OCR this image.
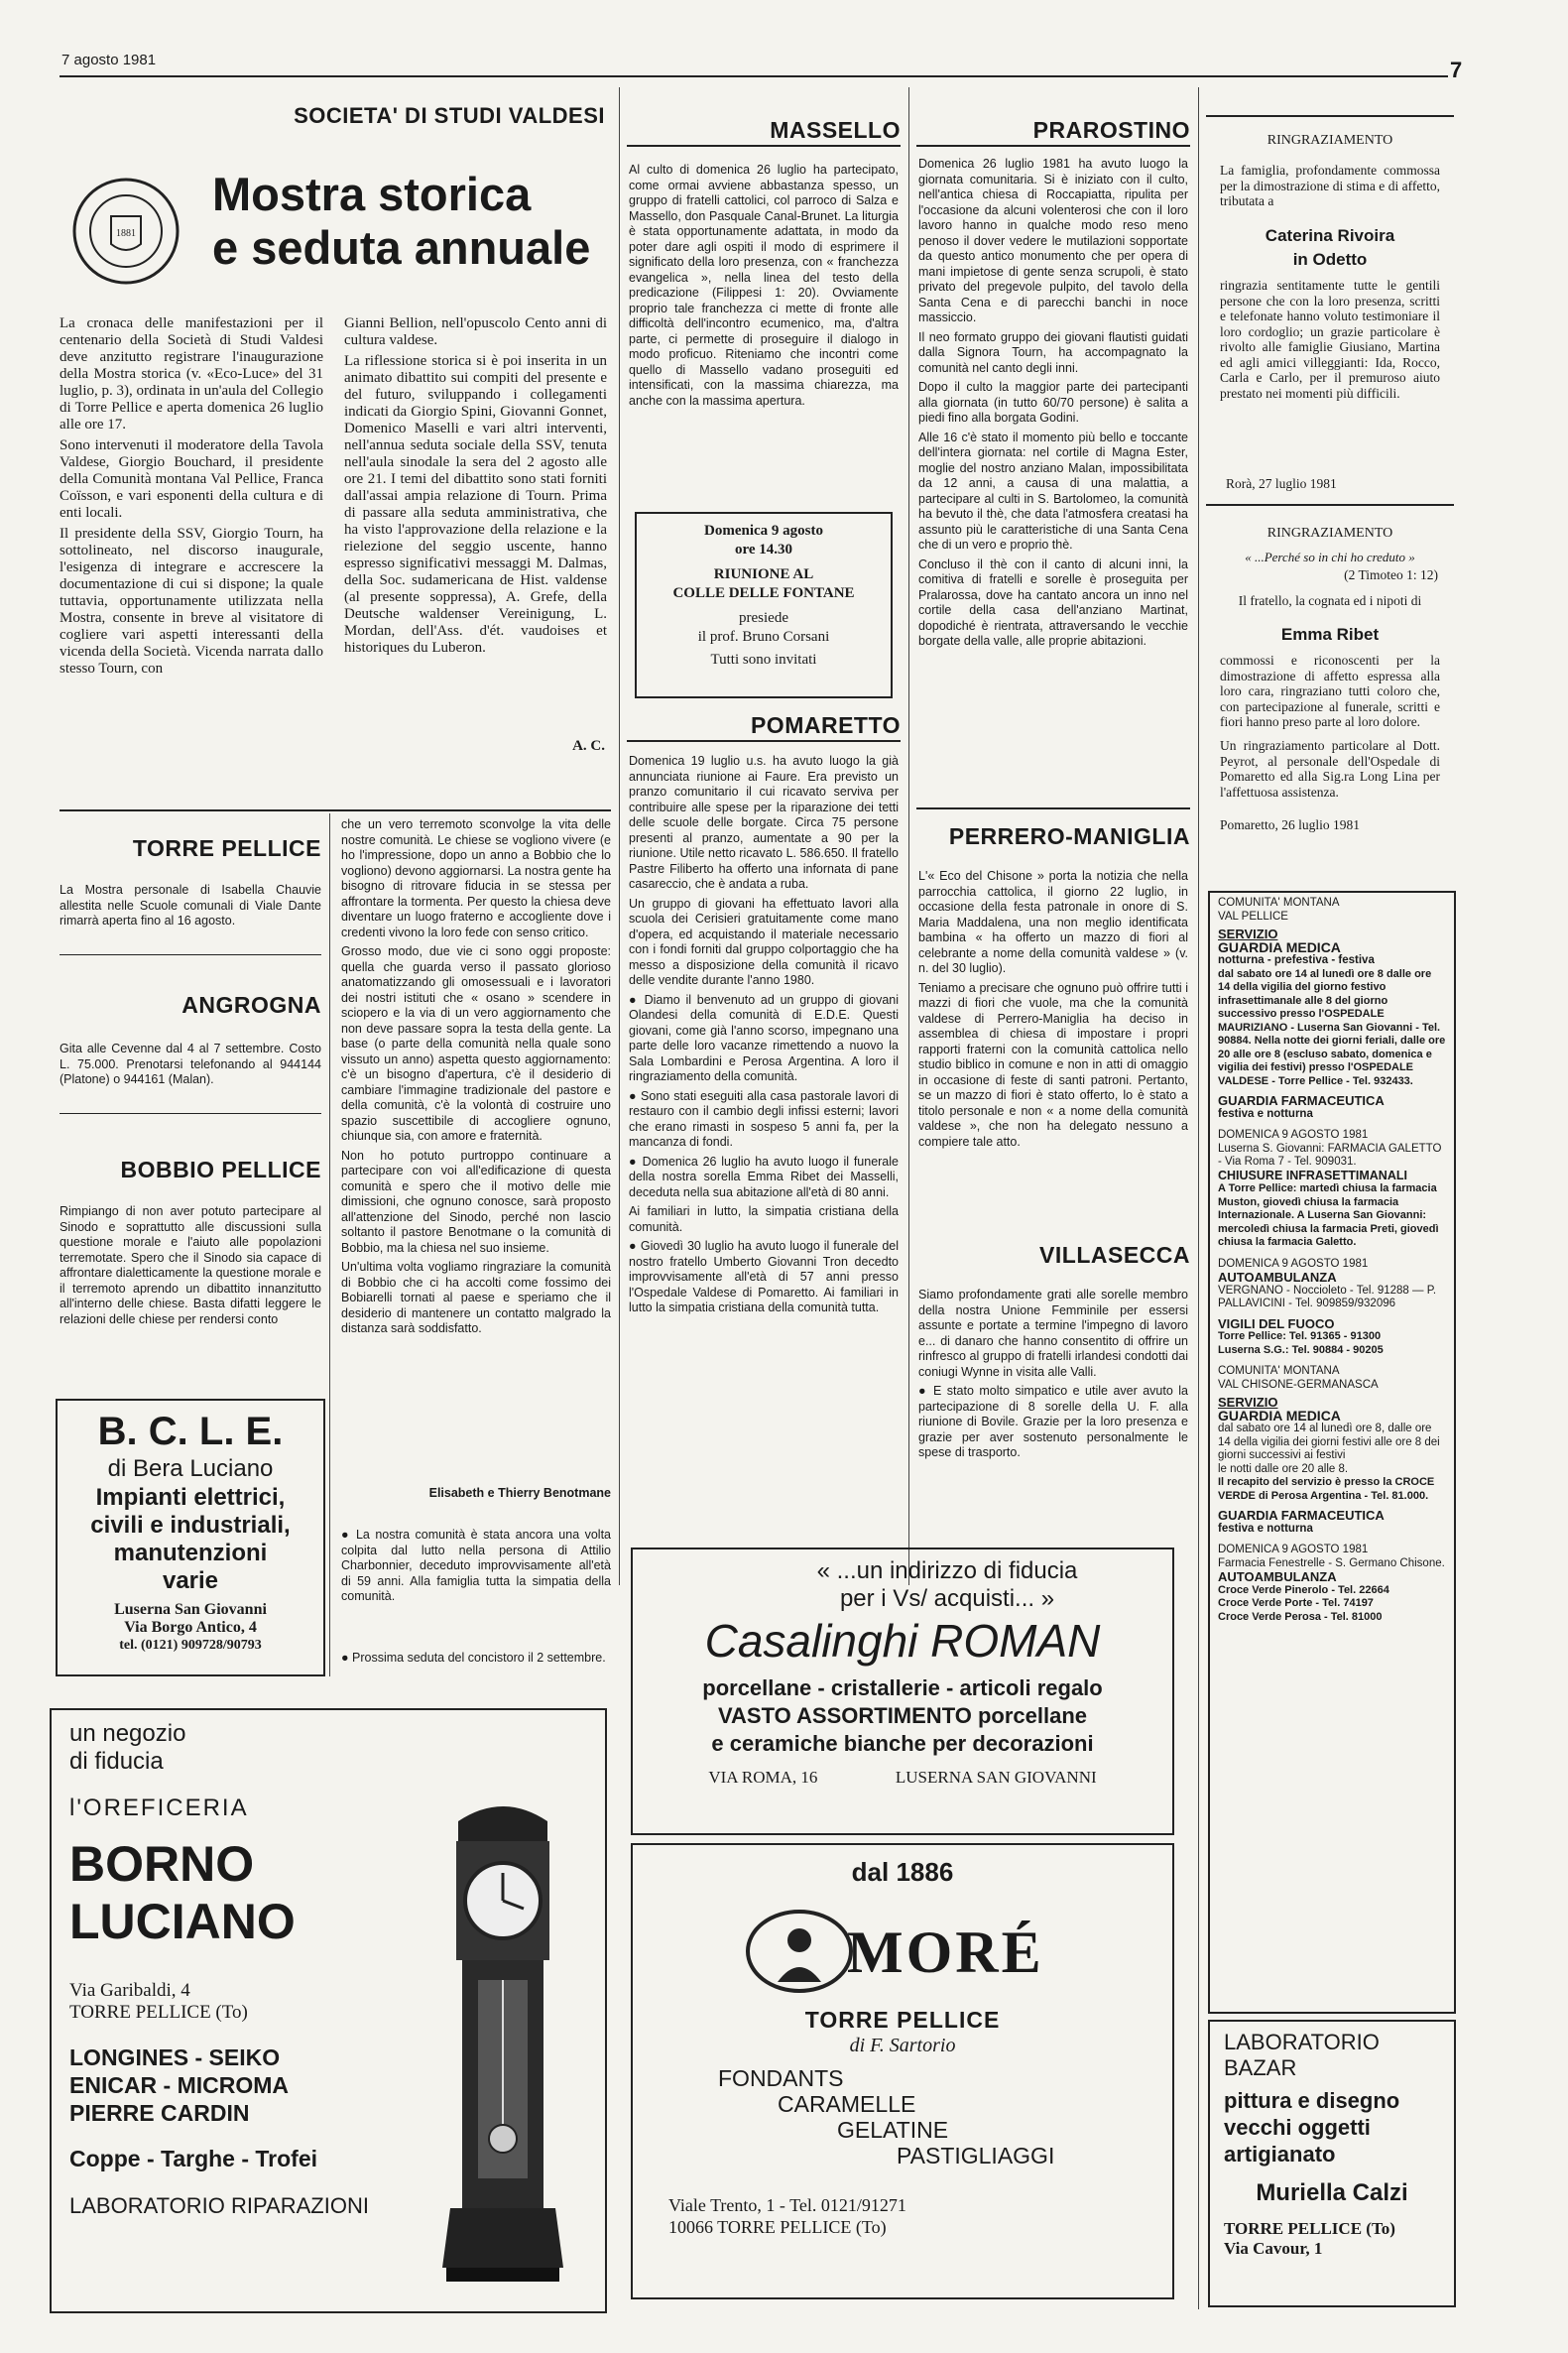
7 agosto 1981	7
SOCIETA' DI STUDI VALDESI
1881
Mostra storica
e seduta annuale

La cronaca delle manifestazioni per il centenario della Società di Studi Valdesi deve anzitutto registrare l'inaugurazione della Mostra storica (v. «Eco-Luce» del 31 luglio, p. 3), ordinata in un'aula del Collegio di Torre Pellice e aperta domenica 26 luglio alle ore 17.

Sono intervenuti il moderatore della Tavola Valdese, Giorgio Bouchard, il presidente della Comunità montana Val Pellice, Franca Coïsson, e vari esponenti della cultura e di enti locali.

Il presidente della SSV, Giorgio Tourn, ha sottolineato, nel discorso inaugurale, l'esigenza di integrare e accrescere la documentazione di cui si dispone; la quale tuttavia, opportunamente utilizzata nella Mostra, consente in breve al visitatore di cogliere vari aspetti interessanti della vicenda della Società. Vicenda narrata dallo stesso Tourn, con

Gianni Bellion, nell'opuscolo Cento anni di cultura valdese.

La riflessione storica si è poi inserita in un animato dibattito sui compiti del presente e del futuro, sviluppando i collegamenti indicati da Giorgio Spini, Giovanni Gonnet, Domenico Maselli e vari altri interventi, nell'annua seduta sociale della SSV, tenuta nell'aula sinodale la sera del 2 agosto alle ore 21. I temi del dibattito sono stati forniti dall'assai ampia relazione di Tourn. Prima di passare alla seduta amministrativa, che ha visto l'approvazione della relazione e la rielezione del seggio uscente, hanno espresso significativi messaggi M. Dalmas, della Soc. sudamericana de Hist. valdense (al presente soppressa), A. Grefe, della Deutsche waldenser Vereinigung, L. Mordan, dell'Ass. d'ét. vaudoises et historiques du Luberon.

A. C.
TORRE PELLICE
La Mostra personale di Isabella Chauvie allestita nelle Scuole comunali di Viale Dante rimarrà aperta fino al 16 agosto.
ANGROGNA
Gita alle Cevenne dal 4 al 7 settembre. Costo L. 75.000. Prenotarsi telefonando al 944144 (Platone) o 944161 (Malan).
BOBBIO PELLICE
Rimpiango di non aver potuto partecipare al Sinodo e soprattutto alle discussioni sulla questione morale e l'aiuto alle popolazioni terremotate. Spero che il Sinodo sia capace di affrontare dialetticamente la questione morale e il terremoto aprendo un dibattito innanzitutto all'interno delle chiese. Basta difatti leggere le relazioni delle chiese per rendersi conto

che un vero terremoto sconvolge la vita delle nostre comunità. Le chiese se vogliono vivere (e ho l'impressione, dopo un anno a Bobbio che lo vogliono) devono aggiornarsi. La nostra gente ha bisogno di ritrovare fiducia in se stessa per affrontare la tormenta. Per questo la chiesa deve diventare un luogo fraterno e accogliente dove i credenti vivono la loro fede con senso critico.

Grosso modo, due vie ci sono oggi proposte: quella che guarda verso il passato glorioso anatomatizzando gli omosessuali e i lavoratori dei nostri istituti che « osano » scendere in sciopero e la via di un vero aggiornamento che non deve passare sopra la testa della gente. La base (o parte della comunità nella quale sono vissuto un anno) aspetta questo aggiornamento: c'è un bisogno d'apertura, c'è il desiderio di cambiare l'immagine tradizionale del pastore e della comunità, c'è la volontà di costruire uno spazio suscettibile di accogliere ognuno, chiunque sia, con amore e fraternità.

Non ho potuto purtroppo continuare a partecipare con voi all'edificazione di questa comunità e spero che il motivo delle mie dimissioni, che ognuno conosce, sarà proposto all'attenzione del Sinodo, perché non lascio soltanto il pastore Benotmane o la comunità di Bobbio, ma la chiesa nel suo insieme.

Un'ultima volta vogliamo ringraziare la comunità di Bobbio che ci ha accolti come fossimo dei Bobiarelli tornati al paese e speriamo che il desiderio di mantenere un contatto malgrado la distanza sarà soddisfatto.

Elisabeth e Thierry Benotmane
● La nostra comunità è stata ancora una volta colpita dal lutto nella persona di Attilio Charbonnier, deceduto improvvisamente all'età di 59 anni. Alla famiglia tutta la simpatia della comunità.
● Prossima seduta del concistoro il 2 settembre.
B. C. L. E.
di Bera Luciano
Impianti elettrici,
civili e industriali,
manutenzioni
varie
Luserna San Giovanni
Via Borgo Antico, 4
tel. (0121) 909728/90793
MASSELLO
Al culto di domenica 26 luglio ha partecipato, come ormai avviene abbastanza spesso, un gruppo di fratelli cattolici, col parroco di Salza e Massello, don Pasquale Canal-Brunet. La liturgia è stata opportunamente adattata, in modo da poter dare agli ospiti il modo di esprimere il significato della loro presenza, con « franchezza evangelica », nella linea del testo della predicazione (Filippesi 1: 20). Ovviamente proprio tale franchezza ci mette di fronte alle difficoltà dell'incontro ecumenico, ma, d'altra parte, ci permette di proseguire il dialogo in modo proficuo. Riteniamo che incontri come quello di Massello vadano proseguiti ed intensificati, con la massima chiarezza, ma anche con la massima apertura.
Domenica 9 agosto
ore 14.30
RIUNIONE AL
COLLE DELLE FONTANE
presiede
il prof. Bruno Corsani
Tutti sono invitati
POMARETTO

Domenica 19 luglio u.s. ha avuto luogo la già annunciata riunione ai Faure. Era previsto un pranzo comunitario il cui ricavato serviva per contribuire alle spese per la riparazione dei tetti delle scuole delle borgate. Circa 75 persone presenti al pranzo, aumentate a 90 per la riunione. Utile netto ricavato L. 586.650. Il fratello Pastre Filiberto ha offerto una infornata di pane casareccio, che è andata a ruba.

Un gruppo di giovani ha effettuato lavori alla scuola dei Cerisieri gratuitamente come mano d'opera, ed acquistando il materiale necessario con i fondi forniti dal gruppo colportaggio che ha messo a disposizione della comunità il ricavo delle vendite durante l'anno 1980.

● Diamo il benvenuto ad un gruppo di giovani Olandesi della comunità di E.D.E. Questi giovani, come già l'anno scorso, impegnano una parte delle loro vacanze rimettendo a nuovo la Sala Lombardini e Perosa Argentina. A loro il ringraziamento della comunità.

● Sono stati eseguiti alla casa pastorale lavori di restauro con il cambio degli infissi esterni; lavori che erano rimasti in sospeso 5 anni fa, per la mancanza di fondi.

● Domenica 26 luglio ha avuto luogo il funerale della nostra sorella Emma Ribet dei Masselli, deceduta nella sua abitazione all'età di 80 anni.

Ai familiari in lutto, la simpatia cristiana della comunità.

● Giovedì 30 luglio ha avuto luogo il funerale del nostro fratello Umberto Giovanni Tron decedto improvvisamente all'età di 57 anni presso l'Ospedale Valdese di Pomaretto. Ai familiari in lutto la simpatia cristiana della comunità tutta.

PRAROSTINO

Domenica 26 luglio 1981 ha avuto luogo la giornata comunitaria. Si è iniziato con il culto, nell'antica chiesa di Roccapiatta, ripulita per l'occasione da alcuni volenterosi che con il loro lavoro hanno in qualche modo reso meno penoso il dover vedere le mutilazioni sopportate da questo antico monumento che per opera di mani impietose di gente senza scrupoli, è stato privato del pregevole pulpito, del tavolo della Santa Cena e di parecchi banchi in noce massiccio.

Il neo formato gruppo dei giovani flautisti guidati dalla Signora Tourn, ha accompagnato la comunità nel canto degli inni.

Dopo il culto la maggior parte dei partecipanti alla giornata (in tutto 60/70 persone) è salita a piedi fino alla borgata Godini.

Alle 16 c'è stato il momento più bello e toccante dell'intera giornata: nel cortile di Magna Ester, moglie del nostro anziano Malan, impossibilitata da 12 anni, a causa di una malattia, a partecipare al culti in S. Bartolomeo, la comunità ha bevuto il thè, che data l'atmosfera creatasi ha assunto più le caratteristiche di una Santa Cena che di un vero e proprio thè.

Concluso il thè con il canto di alcuni inni, la comitiva di fratelli e sorelle è proseguita per Pralarossa, dove ha cantato ancora un inno nel cortile della casa dell'anziano Martinat, dopodiché è rientrata, attraversando le vecchie borgate della valle, alle proprie abitazioni.

PERRERO-MANIGLIA

L'« Eco del Chisone » porta la notizia che nella parrocchia cattolica, il giorno 22 luglio, in occasione della festa patronale in onore di S. Maria Maddalena, una non meglio identificata bambina « ha offerto un mazzo di fiori al celebrante a nome della comunità valdese » (v. n. del 30 luglio).

Teniamo a precisare che ognuno può offrire tutti i mazzi di fiori che vuole, ma che la comunità valdese di Perrero-Maniglia ha deciso in assemblea di chiesa di impostare i propri rapporti fraterni con la comunità cattolica nello studio biblico in comune e non in atti di omaggio in occasione di feste di santi patroni. Pertanto, se un mazzo di fiori è stato offerto, lo è stato a titolo personale e non « a nome della comunità valdese », che non ha delegato nessuno a compiere tale atto.

VILLASECCA

Siamo profondamente grati alle sorelle membro della nostra Unione Femminile per essersi assunte e portate a termine l'impegno di lavoro e... di danaro che hanno consentito di offrire un rinfresco al gruppo di fratelli irlandesi condotti dai coniugi Wynne in visita alle Valli.

● E stato molto simpatico e utile aver avuto la partecipazione di 8 sorelle della U. F. alla riunione di Bovile. Grazie per la loro presenza e grazie per aver sostenuto personalmente le spese di trasporto.

RINGRAZIAMENTO
La famiglia, profondamente commossa per la dimostrazione di stima e di affetto, tributata a
Caterina Rivoira
in Odetto
ringrazia sentitamente tutte le gentili persone che con la loro presenza, scritti e telefonate hanno voluto testimoniare il loro cordoglio; un grazie particolare è rivolto alle famiglie Giusiano, Martina ed agli amici villeggianti: Ida, Rocco, Carla e Carlo, per il premuroso aiuto prestato nei momenti più difficili.
Rorà, 27 luglio 1981
RINGRAZIAMENTO
« ...Perché so in chi ho creduto »
(2 Timoteo 1: 12)
Il fratello, la cognata ed i nipoti di
Emma Ribet
commossi e riconoscenti per la dimostrazione di affetto espressa alla loro cara, ringraziano tutti coloro che, con partecipazione al funerale, scritti e fiori hanno preso parte al loro dolore.
Un ringraziamento particolare al Dott. Peyrot, al personale dell'Ospedale di Pomaretto ed alla Sig.ra Long Lina per l'affettuosa assistenza.
Pomaretto, 26 luglio 1981
COMUNITA' MONTANA
VAL PELLICE
SERVIZIO
GUARDIA MEDICA
notturna - prefestiva - festiva
dal sabato ore 14 al lunedì ore 8 dalle ore 14 della vigilia del giorno festivo infrasettimanale alle 8 del giorno successivo presso l'OSPEDALE MAURIZIANO - Luserna San Giovanni - Tel. 90884. Nella notte dei giorni feriali, dalle ore 20 alle ore 8 (escluso sabato, domenica e vigilia dei festivi) presso l'OSPEDALE VALDESE - Torre Pellice - Tel. 932433.
GUARDIA FARMACEUTICA
festiva e notturna
DOMENICA 9 AGOSTO 1981
Luserna S. Giovanni: FARMACIA GALETTO - Via Roma 7 - Tel. 909031.
CHIUSURE INFRASETTIMANALI
A Torre Pellice: martedì chiusa la farmacia Muston, giovedì chiusa la farmacia Internazionale. A Luserna San Giovanni: mercoledì chiusa la farmacia Preti, giovedì chiusa la farmacia Galetto.
DOMENICA 9 AGOSTO 1981
AUTOAMBULANZA
VERGNANO - Noccioleto - Tel. 91288 — P. PALLAVICINI - Tel. 909859/932096
VIGILI DEL FUOCO
Torre Pellice: Tel. 91365 - 91300
Luserna S.G.: Tel. 90884 - 90205
COMUNITA' MONTANA
VAL CHISONE-GERMANASCA
SERVIZIO
GUARDIA MEDICA
dal sabato ore 14 al lunedì ore 8, dalle ore 14 della vigilia dei giorni festivi alle ore 8 dei giorni successivi ai festivi
le notti dalle ore 20 alle 8.
Il recapito del servizio è presso la CROCE VERDE di Perosa Argentina - Tel. 81.000.
GUARDIA FARMACEUTICA
festiva e notturna
DOMENICA 9 AGOSTO 1981
Farmacia Fenestrelle - S. Germano Chisone.
AUTOAMBULANZA
Croce Verde Pinerolo - Tel. 22664
Croce Verde Porte - Tel. 74197
Croce Verde Perosa - Tel. 81000
LABORATORIO
BAZAR
pittura e disegno
vecchi oggetti
artigianato
Muriella Calzi
TORRE PELLICE (To)
Via Cavour, 1
« ...un indirizzo di fiducia
per i Vs/ acquisti... »
Casalinghi ROMAN
porcellane - cristallerie - articoli regalo
VASTO ASSORTIMENTO porcellane
e ceramiche bianche per decorazioni
VIA ROMA, 16	LUSERNA SAN GIOVANNI
un negozio
di fiducia
l'OREFICERIA
BORNO
LUCIANO
Via Garibaldi, 4
TORRE PELLICE (To)
LONGINES - SEIKO
ENICAR - MICROMA
PIERRE CARDIN
Coppe - Targhe - Trofei
LABORATORIO RIPARAZIONI
dal 1886
MORÉ
TORRE PELLICE
di F. Sartorio
FONDANTS
CARAMELLE
GELATINE
PASTIGLIAGGI
Viale Trento, 1 - Tel. 0121/91271
10066 TORRE PELLICE (To)
